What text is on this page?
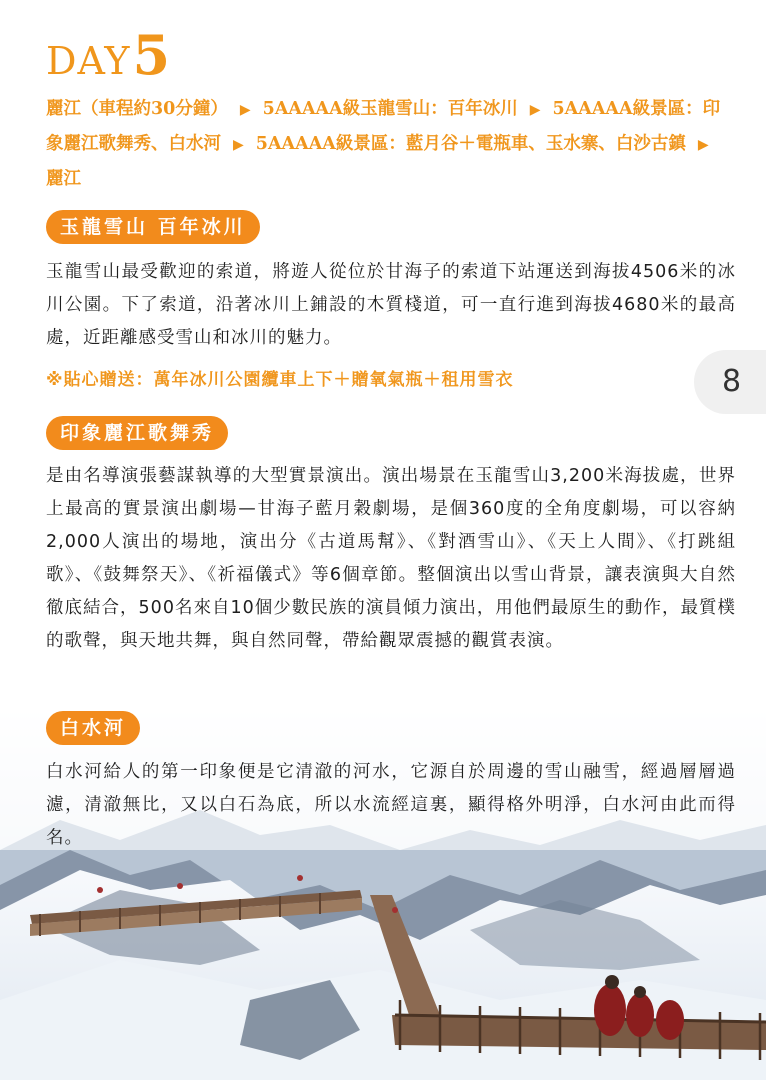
DAY5
麗江（車程約30分鐘） ▶ 5AAAAA級玉龍雪山：百年冰川 ▶ 5AAAAA級景區：印象麗江歌舞秀、白水河 ▶ 5AAAAA級景區：藍月谷＋電瓶車、玉水寨、白沙古鎮 ▶麗江
玉龍雪山 百年冰川
玉龍雪山最受歡迎的索道，將遊人從位於甘海子的索道下站運送到海拔4506米的冰川公園。下了索道，沿著冰川上鋪設的木質棧道，可一直行進到海拔4680米的最高處，近距離感受雪山和冰川的魅力。
※貼心贈送：萬年冰川公園纜車上下＋贈氧氣瓶＋租用雪衣	8
印象麗江歌舞秀
是由名導演張藝謀執導的大型實景演出。演出場景在玉龍雪山3,200米海拔處，世界上最高的實景演出劇場—甘海子藍月穀劇場，是個360度的全角度劇場，可以容納2,000人演出的場地，演出分《古道馬幫》、《對酒雪山》、《天上人間》、《打跳組歌》、《鼓舞祭天》、《祈福儀式》等6個章節。整個演出以雪山背景，讓表演與大自然徹底結合，500名來自10個少數民族的演員傾力演出，用他們最原生的動作，最質樸的歌聲，與天地共舞，與自然同聲，帶給觀眾震撼的觀賞表演。
白水河
白水河給人的第一印象便是它清澈的河水，它源自於周邊的雪山融雪，經過層層過濾，清澈無比，又以白石為底，所以水流經這裏，顯得格外明淨，白水河由此而得名。
